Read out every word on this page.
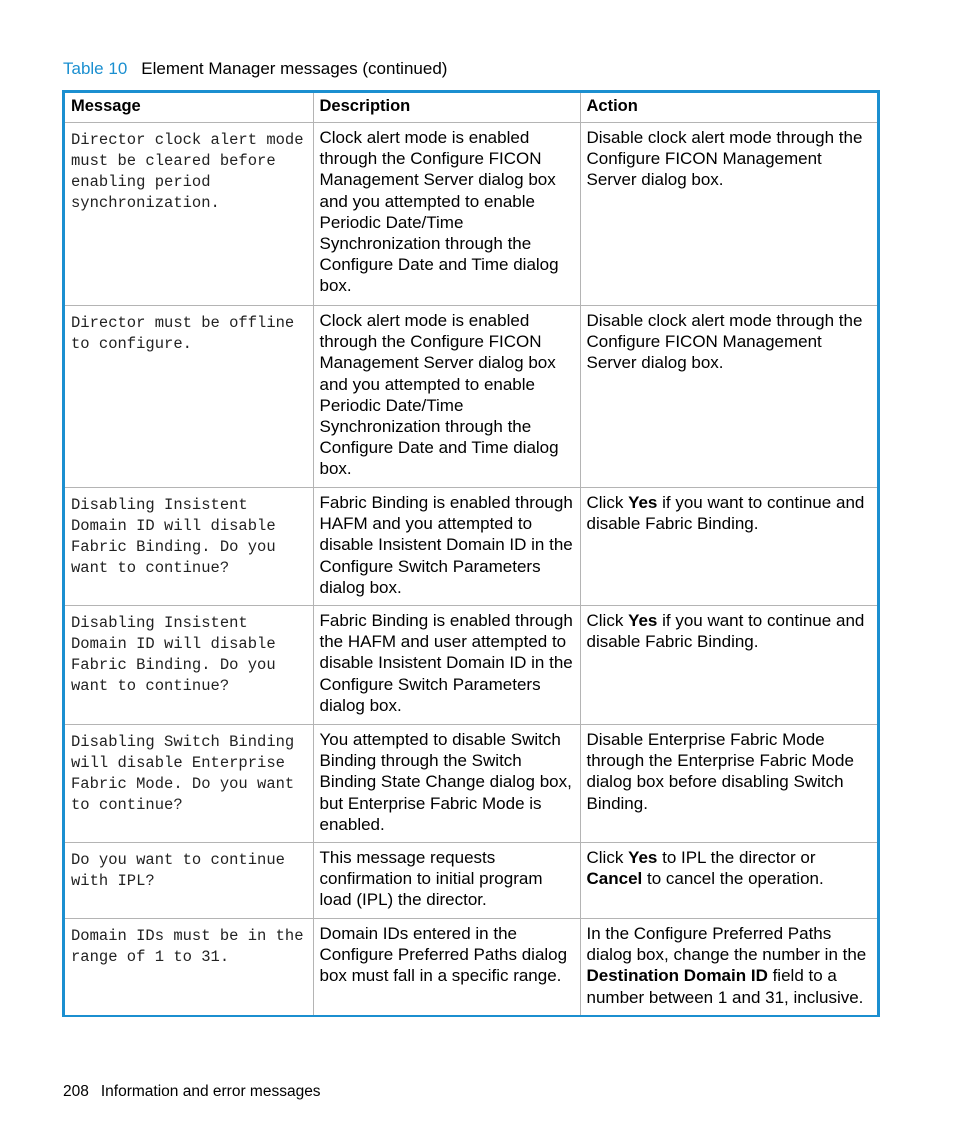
Table 10 Element Manager messages (continued)
Message	Description	Action
Director clock alert mode must be cleared before enabling period synchronization.	Clock alert mode is enabled through the Configure FICON Management Server dialog box and you attempted to enable Periodic Date/Time Synchronization through the Configure Date and Time dialog box.	Disable clock alert mode through the Configure FICON Management Server dialog box.
Director must be offline to configure.	Clock alert mode is enabled through the Configure FICON Management Server dialog box and you attempted to enable Periodic Date/Time Synchronization through the Configure Date and Time dialog box.	Disable clock alert mode through the Configure FICON Management Server dialog box.
Disabling Insistent Domain ID will disable Fabric Binding. Do you want to continue?	Fabric Binding is enabled through HAFM and you attempted to disable Insistent Domain ID in the Configure Switch Parameters dialog box.	Click Yes if you want to continue and disable Fabric Binding.
Disabling Insistent Domain ID will disable Fabric Binding. Do you want to continue?	Fabric Binding is enabled through the HAFM and user attempted to disable Insistent Domain ID in the Configure Switch Parameters dialog box.	Click Yes if you want to continue and disable Fabric Binding.
Disabling Switch Binding will disable Enterprise Fabric Mode. Do you want to continue?	You attempted to disable Switch Binding through the Switch Binding State Change dialog box, but Enterprise Fabric Mode is enabled.	Disable Enterprise Fabric Mode through the Enterprise Fabric Mode dialog box before disabling Switch Binding.
Do you want to continue with IPL?	This message requests confirmation to initial program load (IPL) the director.	Click Yes to IPL the director or Cancel to cancel the operation.
Domain IDs must be in the range of 1 to 31.	Domain IDs entered in the Configure Preferred Paths dialog box must fall in a specific range.	In the Configure Preferred Paths dialog box, change the number in the Destination Domain ID field to a number between 1 and 31, inclusive.
208 Information and error messages
